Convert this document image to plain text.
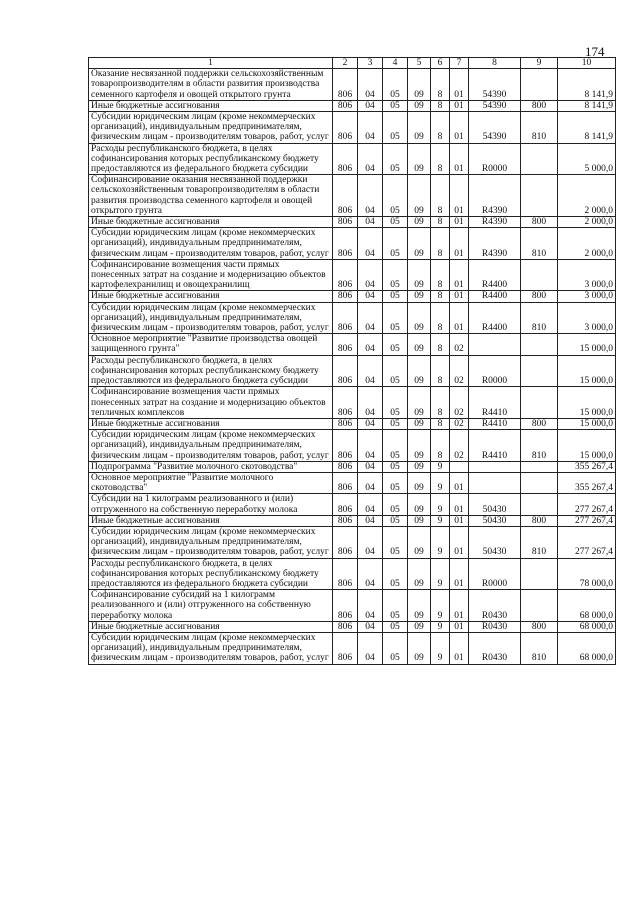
174
1	2	3	4	5	6	7	8	9	10
Оказание несвязанной поддержки сельскохозяйственным товаропроизводителям в области развития производства семенного картофеля и овощей открытого грунта	806	04	05	09	8	01	54390		8 141,9
Иные бюджетные ассигнования	806	04	05	09	8	01	54390	800	8 141,9
Субсидии юридическим лицам (кроме некоммерческих организаций), индивидуальным предпринимателям, физическим лицам - производителям товаров, работ, услуг	806	04	05	09	8	01	54390	810	8 141,9
Расходы республиканского бюджета, в целях софинансирования которых республиканскому бюджету предоставляются из федерального бюджета субсидии	806	04	05	09	8	01	R0000		5 000,0
Софинансирование оказания несвязанной поддержки сельскохозяйственным товаропроизводителям в области развития производства семенного картофеля и овощей открытого грунта	806	04	05	09	8	01	R4390		2 000,0
Иные бюджетные ассигнования	806	04	05	09	8	01	R4390	800	2 000,0
Субсидии юридическим лицам (кроме некоммерческих организаций), индивидуальным предпринимателям, физическим лицам - производителям товаров, работ, услуг	806	04	05	09	8	01	R4390	810	2 000,0
Софинансирование возмещения части прямых понесенных затрат на создание и модернизацию объектов картофелехранилищ и овощехранилищ	806	04	05	09	8	01	R4400		3 000,0
Иные бюджетные ассигнования	806	04	05	09	8	01	R4400	800	3 000,0
Субсидии юридическим лицам (кроме некоммерческих организаций), индивидуальным предпринимателям, физическим лицам - производителям товаров, работ, услуг	806	04	05	09	8	01	R4400	810	3 000,0
Основное мероприятие "Развитие производства овощей защищенного грунта"	806	04	05	09	8	02			15 000,0
Расходы республиканского бюджета, в целях софинансирования которых республиканскому бюджету предоставляются из федерального бюджета субсидии	806	04	05	09	8	02	R0000		15 000,0
Софинансирование возмещения части прямых понесенных затрат на создание и модернизацию объектов тепличных комплексов	806	04	05	09	8	02	R4410		15 000,0
Иные бюджетные ассигнования	806	04	05	09	8	02	R4410	800	15 000,0
Субсидии юридическим лицам (кроме некоммерческих организаций), индивидуальным предпринимателям, физическим лицам - производителям товаров, работ, услуг	806	04	05	09	8	02	R4410	810	15 000,0
Подпрограмма "Развитие молочного скотоводства"	806	04	05	09	9				355 267,4
Основное мероприятие "Развитие молочного скотоводства"	806	04	05	09	9	01			355 267,4
Субсидии на 1 килограмм реализованного и (или) отгруженного на собственную переработку молока	806	04	05	09	9	01	50430		277 267,4
Иные бюджетные ассигнования	806	04	05	09	9	01	50430	800	277 267,4
Субсидии юридическим лицам (кроме некоммерческих организаций), индивидуальным предпринимателям, физическим лицам - производителям товаров, работ, услуг	806	04	05	09	9	01	50430	810	277 267,4
Расходы республиканского бюджета, в целях софинансирования которых республиканскому бюджету предоставляются из федерального бюджета субсидии	806	04	05	09	9	01	R0000		78 000,0
Софинансирование субсидий на 1 килограмм реализованного и (или) отгруженного на собственную переработку молока	806	04	05	09	9	01	R0430		68 000,0
Иные бюджетные ассигнования	806	04	05	09	9	01	R0430	800	68 000,0
Субсидии юридическим лицам (кроме некоммерческих организаций), индивидуальным предпринимателям, физическим лицам - производителям товаров, работ, услуг	806	04	05	09	9	01	R0430	810	68 000,0
